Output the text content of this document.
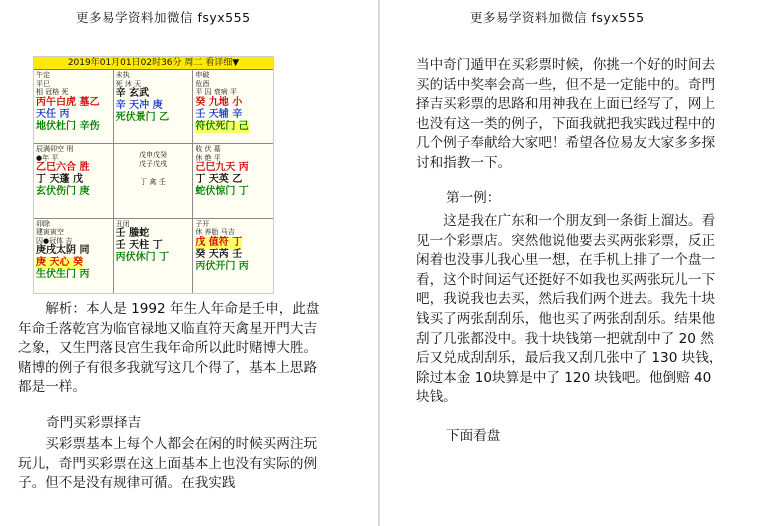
更多易学资料加微信 fsyx555
2019年01月01日02时36分 周二 看详细▼
午定
平巳
相 冠格 死
丙午白虎 墓乙
天任 丙
地伏杜门 辛伤
未执
死 沐 天
辛 玄武
辛 天冲 庚
死伏景门 乙
申破
危酉
平 囚 衰病 平
癸 九地 小
壬 天辅 辛
符伏死门 己
辰满卯空 刑
●年 平
乙巳六合 胜
丁 天蓬 戊
玄伏伤门 庚
戊申戊癸
戊子戊戌
丁 禽 壬
收 伏 墓
休 绝 平
己巳九天 丙
丁 天英 乙
蛇伏惊门 丁
卯除
建寅寅空
囚●冠体 吉
庚戌太阴 同
庚 天心 癸
生伏生门 丙
丑闭
壬 螣蛇
壬 天柱 丁
丙伏休门 丁
子开
休 养胎 马吉
戊 值符 丁
癸 天芮 壬
丙伏开门 丙
解析：本人是 1992 年生人年命是壬申，此盘年命壬落乾宫为临官禄地又临直符天禽星开門大吉之象，又生門落艮宫生我年命所以此时赌博大胜。赌博的例子有很多我就写这几个得了，基本上思路都是一样。
奇門买彩票择吉
买彩票基本上每个人都会在闲的时候买两注玩玩儿，奇門买彩票在这上面基本上也没有实际的例子。但不是没有规律可循。在我实践
更多易学资料加微信 fsyx555
当中奇门遁甲在买彩票时候，你挑一个好的时间去买的话中奖率会高一些，但不是一定能中的。奇門择吉买彩票的思路和用神我在上面已经写了，网上也没有这一类的例子，下面我就把我实践过程中的几个例子奉献给大家吧！希望各位易友大家多多探讨和指教一下。
第一例：
这是我在广东和一个朋友到一条街上溜达。看见一个彩票店。突然他说他要去买两张彩票，反正闲着也没事儿我心里一想，在手机上排了一个盘一看，这个时间运气还挺好不如我也买两张玩儿一下吧，我说我也去买，然后我们两个进去。我先十块钱买了两张刮刮乐，他也买了两张刮刮乐。结果他刮了几张都没中。我十块钱第一把就刮中了 20 然后又兑成刮刮乐，最后我又刮几张中了 130 块钱，除过本金 10块算是中了 120 块钱吧。他倒赔 40 块钱。
下面看盘
